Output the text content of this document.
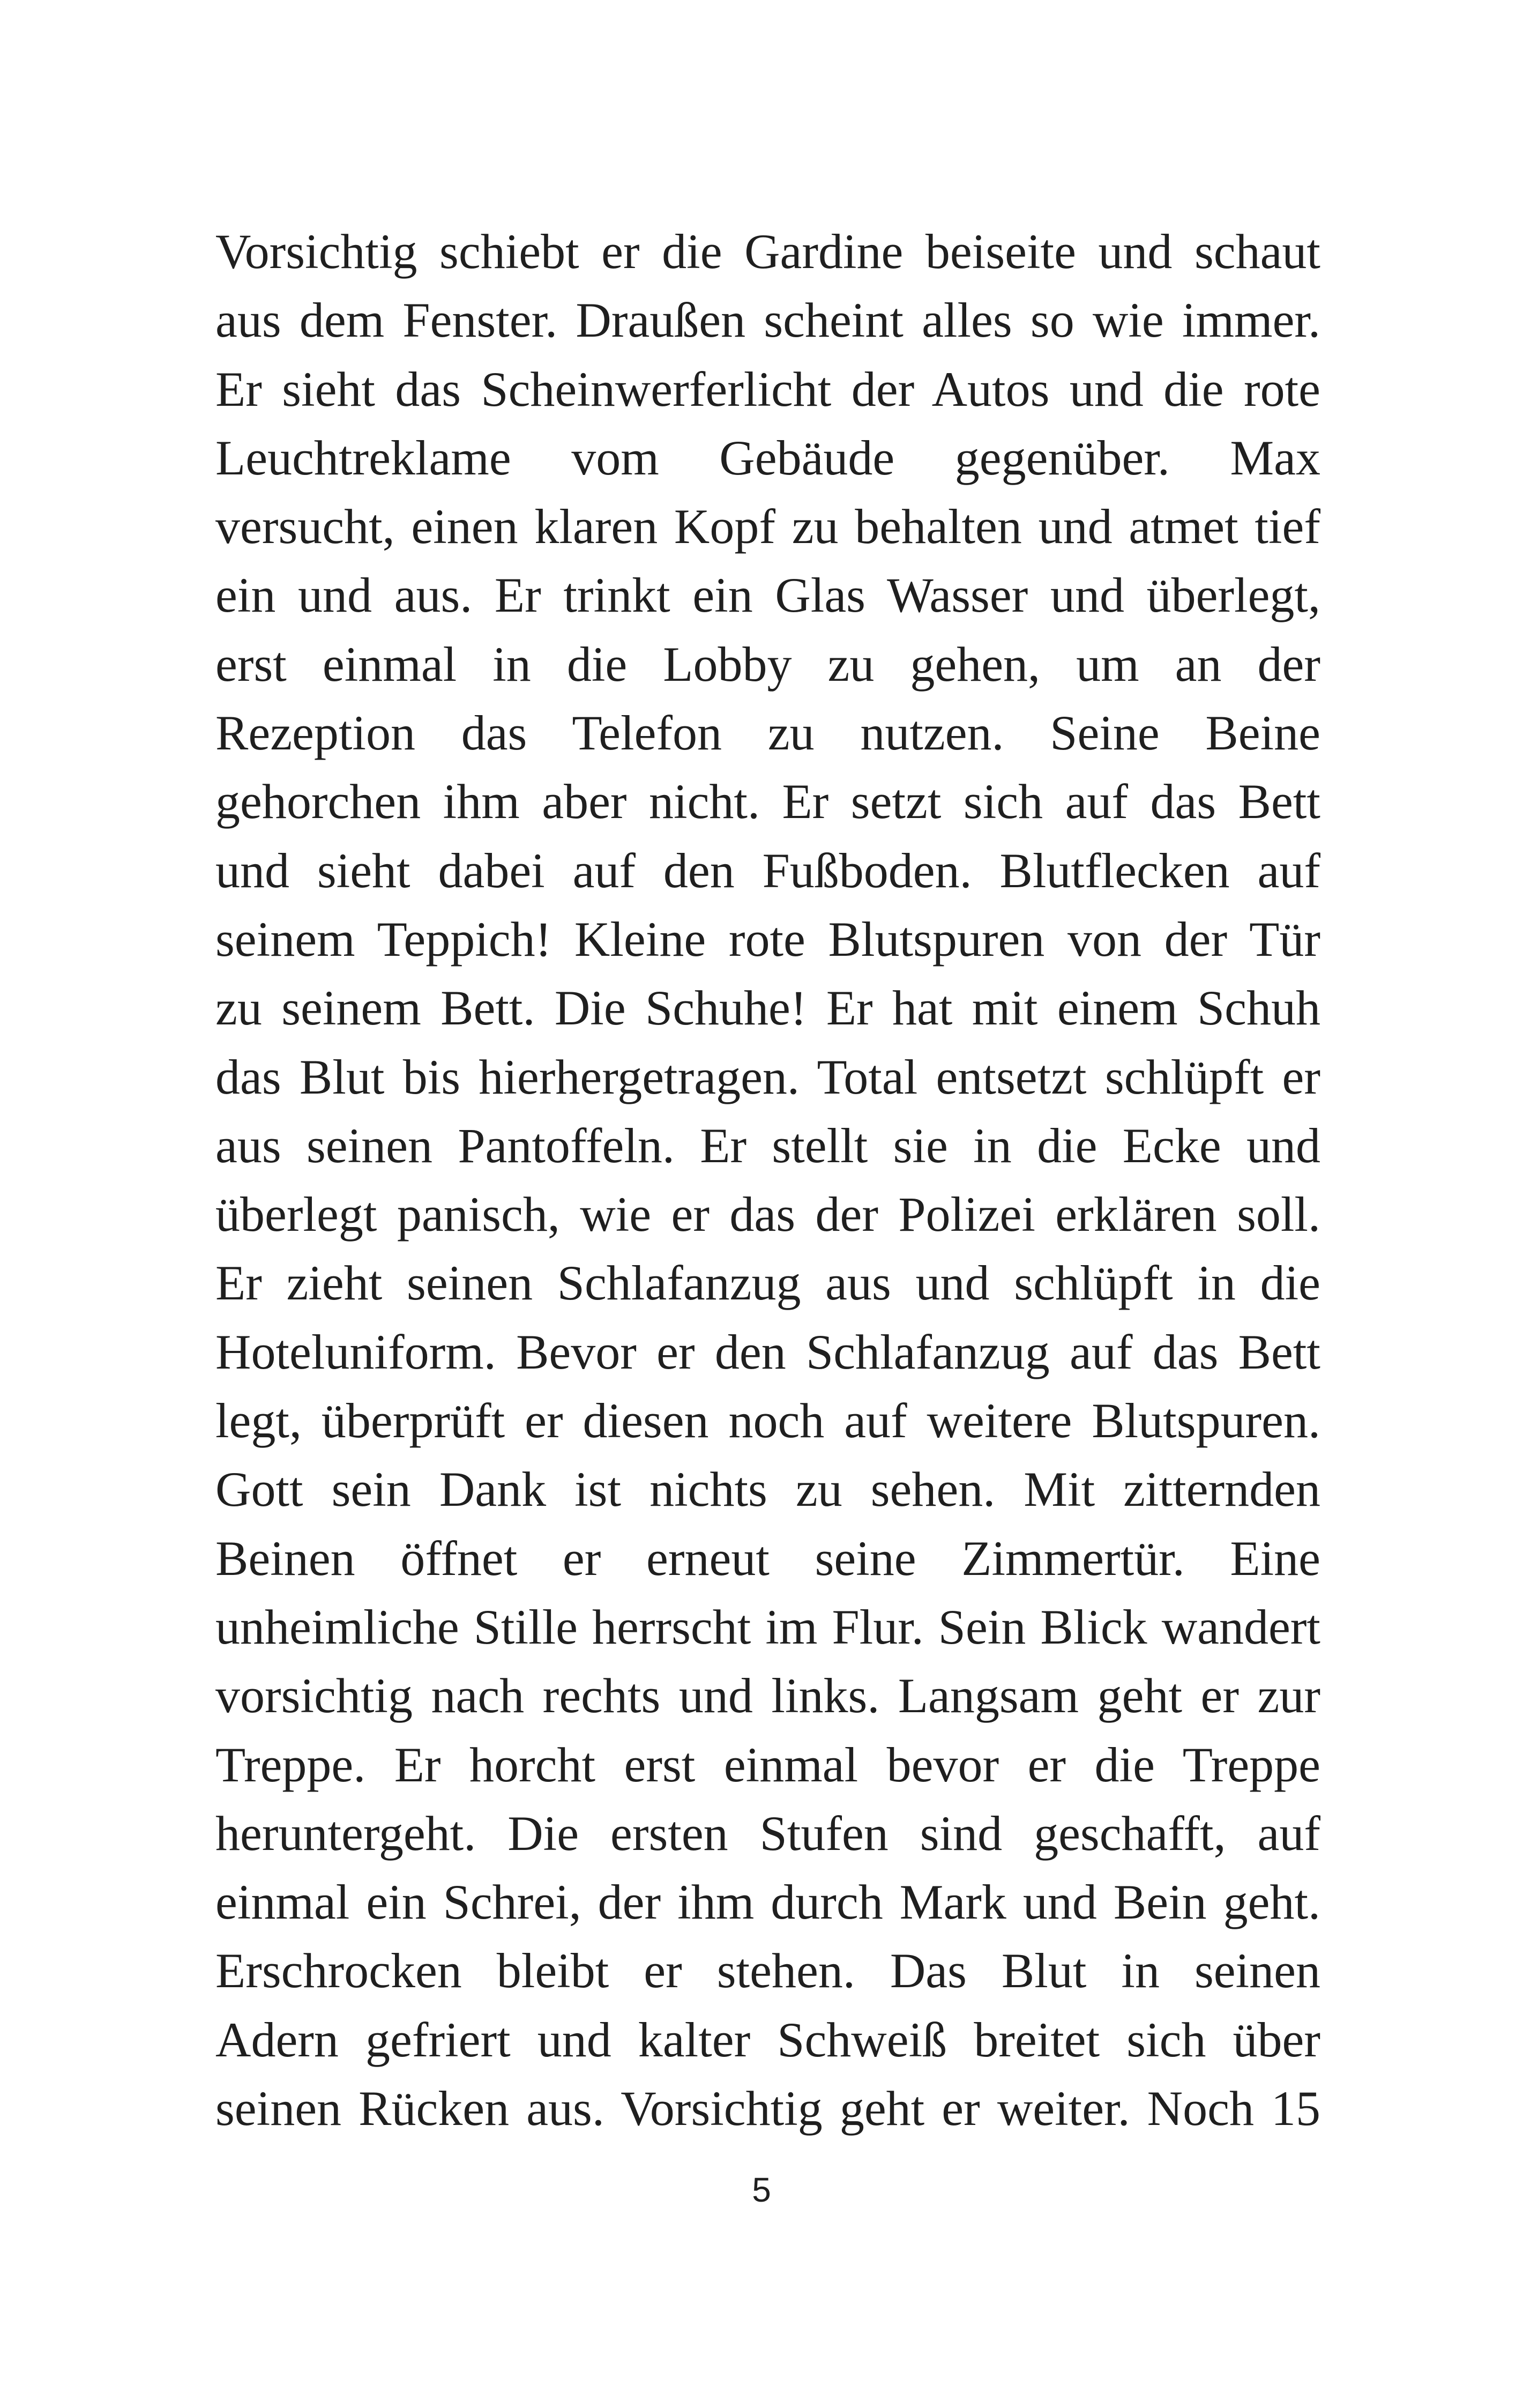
Vorsichtig schiebt er die Gardine beiseite und schaut
aus dem Fenster. Draußen scheint alles so wie immer.
Er sieht das Scheinwerferlicht der Autos und die rote
Leuchtreklame vom Gebäude gegenüber. Max
versucht, einen klaren Kopf zu behalten und atmet tief
ein und aus. Er trinkt ein Glas Wasser und überlegt,
erst einmal in die Lobby zu gehen, um an der
Rezeption das Telefon zu nutzen. Seine Beine
gehorchen ihm aber nicht. Er setzt sich auf das Bett
und sieht dabei auf den Fußboden. Blutflecken auf
seinem Teppich! Kleine rote Blutspuren von der Tür
zu seinem Bett. Die Schuhe! Er hat mit einem Schuh
das Blut bis hierhergetragen. Total entsetzt schlüpft er
aus seinen Pantoffeln. Er stellt sie in die Ecke und
überlegt panisch, wie er das der Polizei erklären soll.
Er zieht seinen Schlafanzug aus und schlüpft in die
Hoteluniform. Bevor er den Schlafanzug auf das Bett
legt, überprüft er diesen noch auf weitere Blutspuren.
Gott sein Dank ist nichts zu sehen. Mit zitternden
Beinen öffnet er erneut seine Zimmertür. Eine
unheimliche Stille herrscht im Flur. Sein Blick wandert
vorsichtig nach rechts und links. Langsam geht er zur
Treppe. Er horcht erst einmal bevor er die Treppe
heruntergeht. Die ersten Stufen sind geschafft, auf
einmal ein Schrei, der ihm durch Mark und Bein geht.
Erschrocken bleibt er stehen. Das Blut in seinen
Adern gefriert und kalter Schweiß breitet sich über
seinen Rücken aus. Vorsichtig geht er weiter. Noch 15
5
